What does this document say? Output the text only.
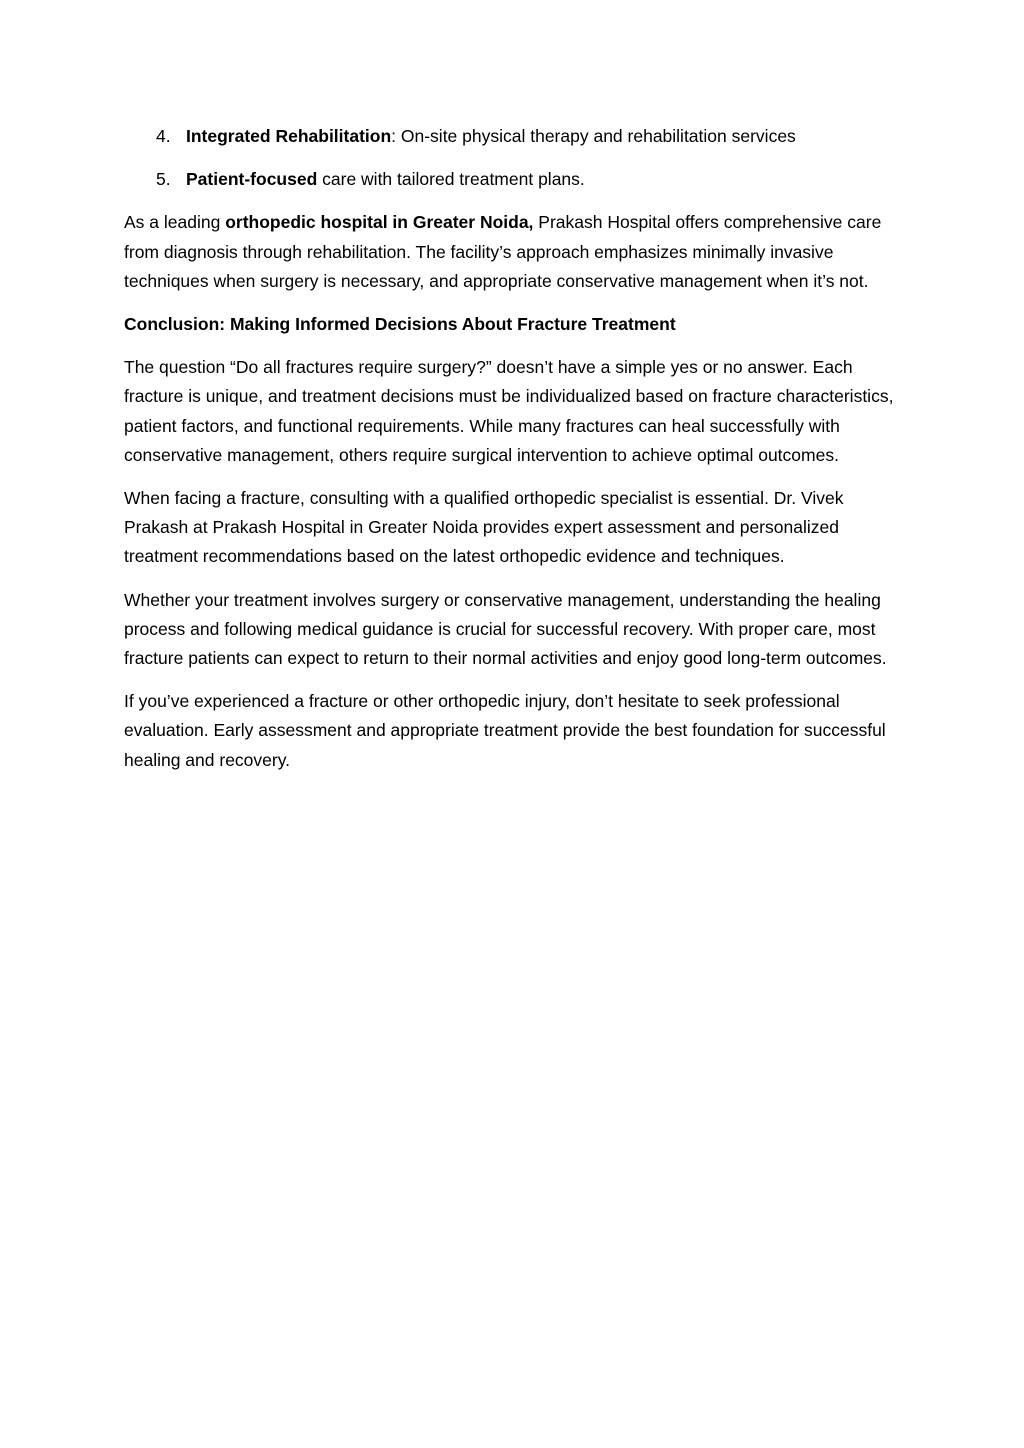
4. Integrated Rehabilitation: On-site physical therapy and rehabilitation services
5. Patient-focused care with tailored treatment plans.

As a leading orthopedic hospital in Greater Noida, Prakash Hospital offers comprehensive care from diagnosis through rehabilitation. The facility’s approach emphasizes minimally invasive techniques when surgery is necessary, and appropriate conservative management when it’s not.

Conclusion: Making Informed Decisions About Fracture Treatment

The question “Do all fractures require surgery?” doesn’t have a simple yes or no answer. Each fracture is unique, and treatment decisions must be individualized based on fracture characteristics, patient factors, and functional requirements. While many fractures can heal successfully with conservative management, others require surgical intervention to achieve optimal outcomes.

When facing a fracture, consulting with a qualified orthopedic specialist is essential. Dr. Vivek Prakash at Prakash Hospital in Greater Noida provides expert assessment and personalized treatment recommendations based on the latest orthopedic evidence and techniques.

Whether your treatment involves surgery or conservative management, understanding the healing process and following medical guidance is crucial for successful recovery. With proper care, most fracture patients can expect to return to their normal activities and enjoy good long-term outcomes.

If you’ve experienced a fracture or other orthopedic injury, don’t hesitate to seek professional evaluation. Early assessment and appropriate treatment provide the best foundation for successful healing and recovery.
